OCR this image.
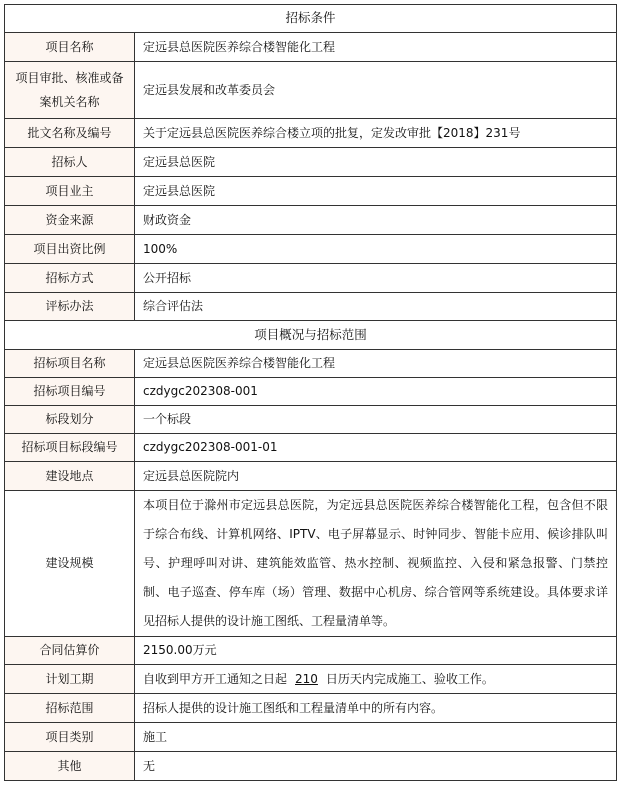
招标条件	
项目名称	定远县总医院医养综合楼智能化工程
项目审批、核准或备案机关名称	定远县发展和改革委员会
批文名称及编号	关于定远县总医院医养综合楼立项的批复，定发改审批【2018】231号
招标人	定远县总医院
项目业主	定远县总医院
资金来源	财政资金
项目出资比例	100%
招标方式	公开招标
评标办法	综合评估法
项目概况与招标范围	
招标项目名称	定远县总医院医养综合楼智能化工程
招标项目编号	czdygc202308-001
标段划分	一个标段
招标项目标段编号	czdygc202308-001-01
建设地点	定远县总医院院内
建设规模	本项目位于滁州市定远县总医院，为定远县总医院医养综合楼智能化工程，包含但不限于综合布线、计算机网络、IPTV、电子屏幕显示、时钟同步、智能卡应用、候诊排队叫号、护理呼叫对讲、建筑能效监管、热水控制、视频监控、入侵和紧急报警、门禁控制、电子巡查、停车库（场）管理、数据中心机房、综合管网等系统建设。具体要求详见招标人提供的设计施工图纸、工程量清单等。
合同估算价	2150.00万元
计划工期	自收到甲方开工通知之日起 210 日历天内完成施工、验收工作。
招标范围	招标人提供的设计施工图纸和工程量清单中的所有内容。
项目类别	施工
其他	无
